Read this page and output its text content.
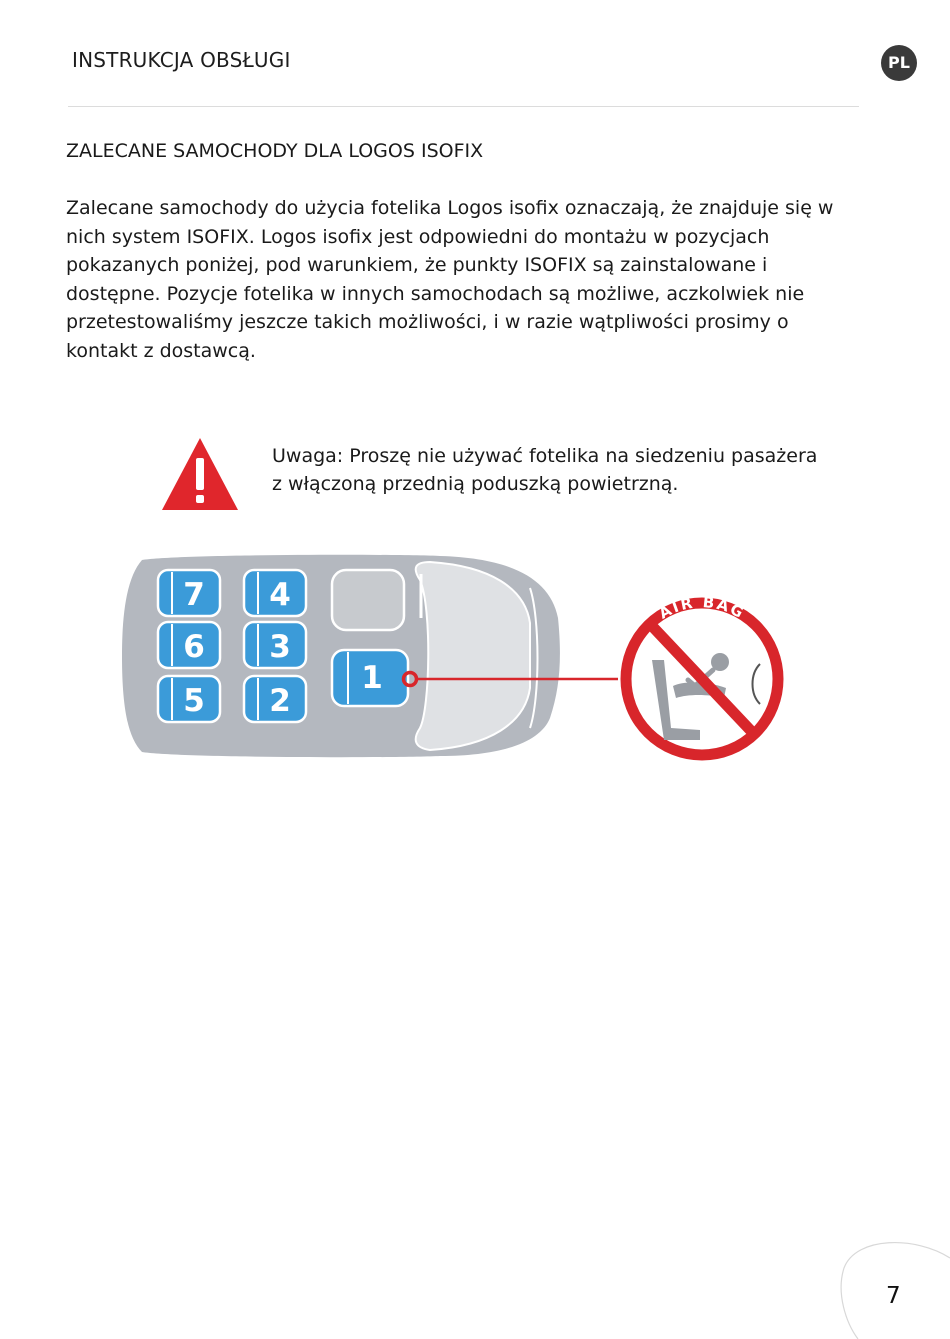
INSTRUKCJA OBSŁUGI	PL
ZALECANE SAMOCHODY DLA LOGOS ISOFIX
Zalecane samochody do użycia fotelika Logos isofix oznaczają, że znajduje się w nich system ISOFIX. Logos isofix jest odpowiedni do montażu w pozycjach pokazanych poniżej, pod warunkiem, że punkty ISOFIX są zainstalowane i dostępne. Pozycje fotelika w innych samochodach są możliwe, aczkolwiek nie przetestowaliśmy jeszcze takich możliwości, i w razie wątpliwości prosimy o kontakt z dostawcą.
Uwaga: Proszę nie używać fotelika na siedzeniu pasażera
z włączoną przednią poduszką powietrzną.
7 4
6 3
5 2
1
AIR BAG
7
